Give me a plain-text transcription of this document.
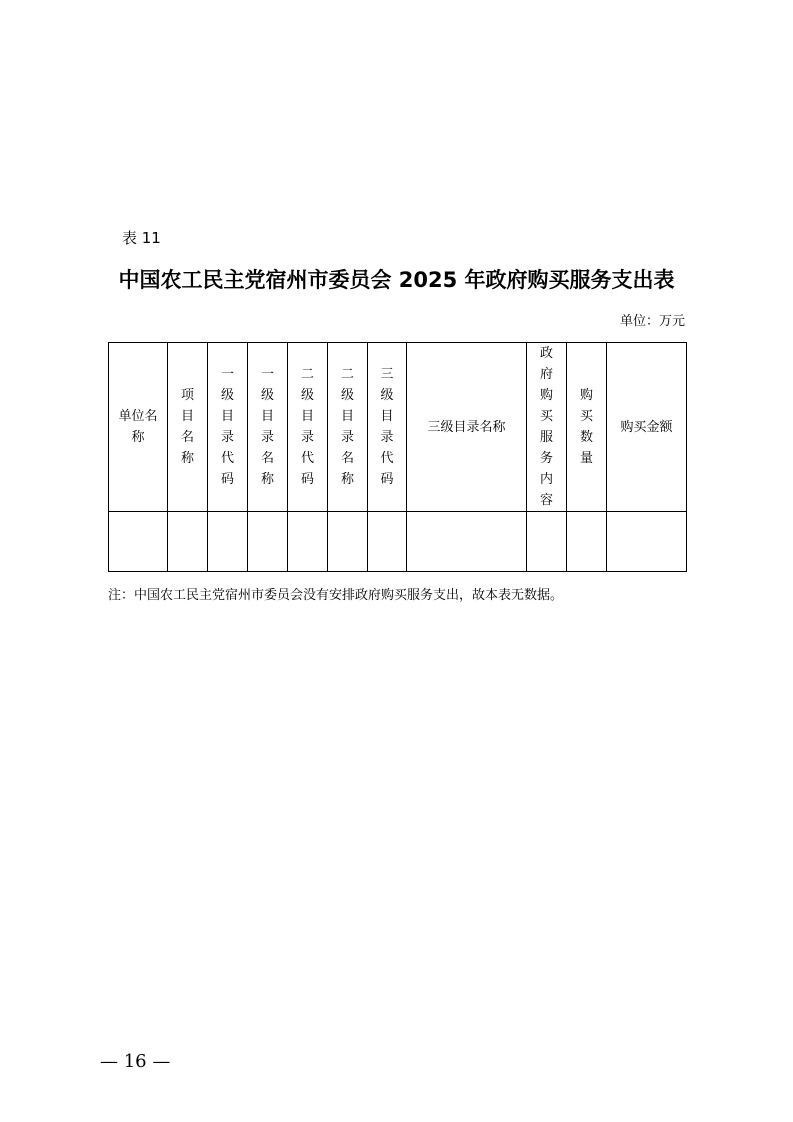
表 11
中国农工民主党宿州市委员会 2025 年政府购买服务支出表
单位：万元
单位名称	项目名称	一级目录代码	一级目录名称	二级目录代码	二级目录名称	三级目录代码	三级目录名称	政府购买服务内容	购买数量	购买金额

注：中国农工民主党宿州市委员会没有安排政府购买服务支出，故本表无数据。
— 16 —
